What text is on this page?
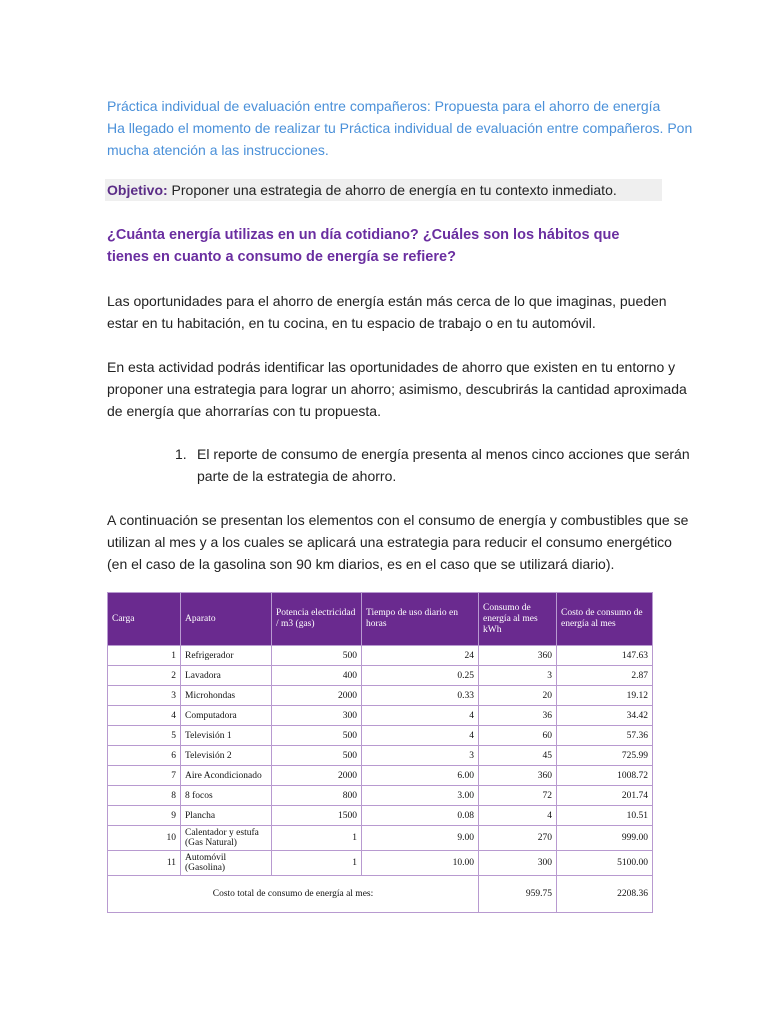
Práctica individual de evaluación entre compañeros: Propuesta para el ahorro de energía
Ha llegado el momento de realizar tu Práctica individual de evaluación entre compañeros. Pon
mucha atención a las instrucciones.
Objetivo: Proponer una estrategia de ahorro de energía en tu contexto inmediato.
¿Cuánta energía utilizas en un día cotidiano? ¿Cuáles son los hábitos que
tienes en cuanto a consumo de energía se refiere?
Las oportunidades para el ahorro de energía están más cerca de lo que imaginas, pueden
estar en tu habitación, en tu cocina, en tu espacio de trabajo o en tu automóvil.
En esta actividad podrás identificar las oportunidades de ahorro que existen en tu entorno y
proponer una estrategia para lograr un ahorro; asimismo, descubrirás la cantidad aproximada
de energía que ahorrarías con tu propuesta.
1. El reporte de consumo de energía presenta al menos cinco acciones que serán
parte de la estrategia de ahorro.
A continuación se presentan los elementos con el consumo de energía y combustibles que se
utilizan al mes y a los cuales se aplicará una estrategia para reducir el consumo energético
(en el caso de la gasolina son 90 km diarios, es en el caso que se utilizará diario).
Carga	Aparato	Potencia electricidad / m3 (gas)	Tiempo de uso diario en horas	Consumo de energía al mes kWh	Costo de consumo de energía al mes
1	Refrigerador	500	24	360	147.63
2	Lavadora	400	0.25	3	2.87
3	Microhondas	2000	0.33	20	19.12
4	Computadora	300	4	36	34.42
5	Televisión 1	500	4	60	57.36
6	Televisión 2	500	3	45	725.99
7	Aire Acondicionado	2000	6.00	360	1008.72
8	8 focos	800	3.00	72	201.74
9	Plancha	1500	0.08	4	10.51
10	Calentador y estufa (Gas Natural)	1	9.00	270	999.00
11	Automóvil (Gasolina)	1	10.00	300	5100.00
Costo total de consumo de energía al mes:				959.75	2208.36
